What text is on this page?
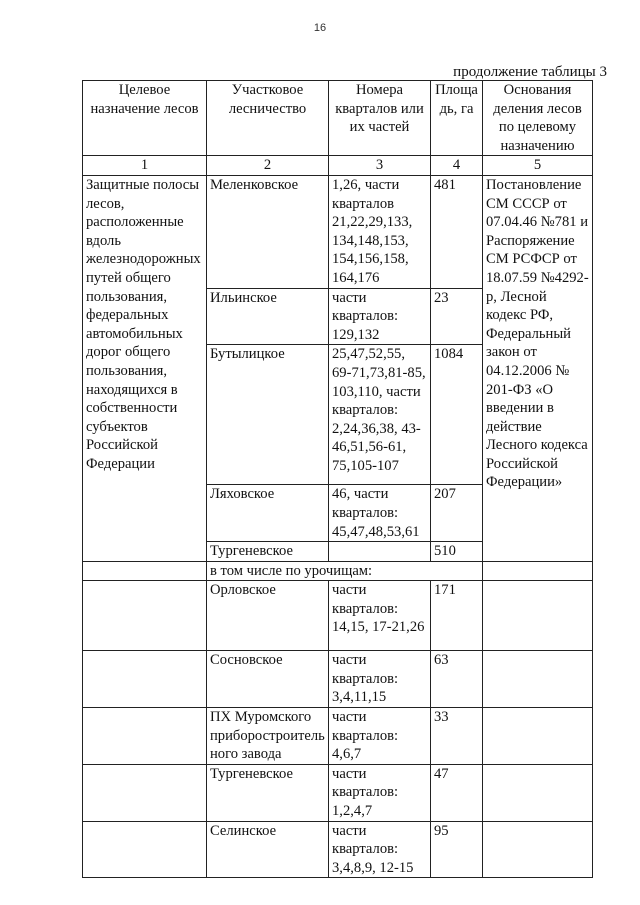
16
продолжение таблицы 3
Целевое назначение лесов	Участковое лесничество	Номера кварталов или их частей	Площа дь, га	Основания деления лесов по целевому назначению
1	2	3	4	5
Защитные полосы лесов, расположенные вдоль железнодорожных путей общего пользования, федеральных автомобильных дорог общего пользования, находящихся в собственности субъектов Российской Федерации	Меленковское	1,26, части кварталов 21,22,29,133, 134,148,153, 154,156,158, 164,176	481	Постановление СМ СССР от 07.04.46 №781 и Распоряжение СМ РСФСР от 18.07.59 №4292-р, Лесной кодекс РФ, Федеральный закон от 04.12.2006 № 201-ФЗ «О введении в действие Лесного кодекса Российской Федерации»
	Ильинское	части кварталов: 129,132	23	
	Бутылицкое	25,47,52,55, 69-71,73,81-85, 103,110, части кварталов: 2,24,36,38, 43-46,51,56-61, 75,105-107	1084	
	Ляховское	46, части кварталов: 45,47,48,53,61	207	
	Тургеневское		510	
	в том числе по урочищам:			
	Орловское	части кварталов: 14,15, 17-21,26	171	
	Сосновское	части кварталов: 3,4,11,15	63	
	ПХ Муромского приборостроительного завода	части кварталов: 4,6,7	33	
	Тургеневское	части кварталов: 1,2,4,7	47	
	Селинское	части кварталов: 3,4,8,9, 12-15	95	
